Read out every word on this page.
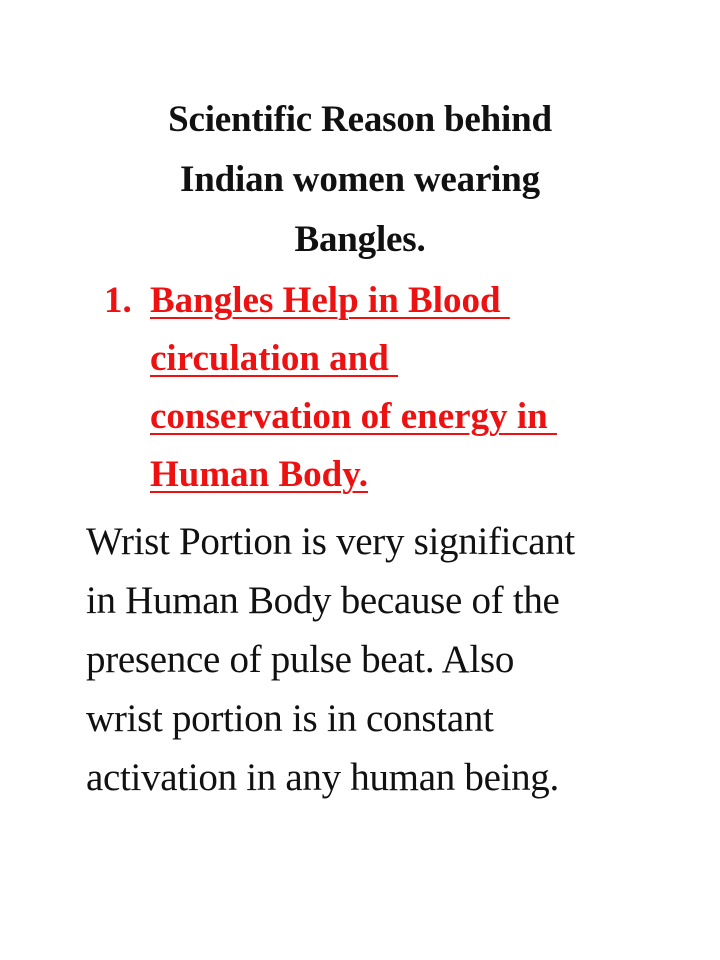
Scientific Reason behind
Indian women wearing
Bangles.
1. Bangles Help in Blood
circulation and
conservation of energy in
Human Body.
Wrist Portion is very significant
in Human Body because of the
presence of pulse beat. Also
wrist portion is in constant
activation in any human being.
